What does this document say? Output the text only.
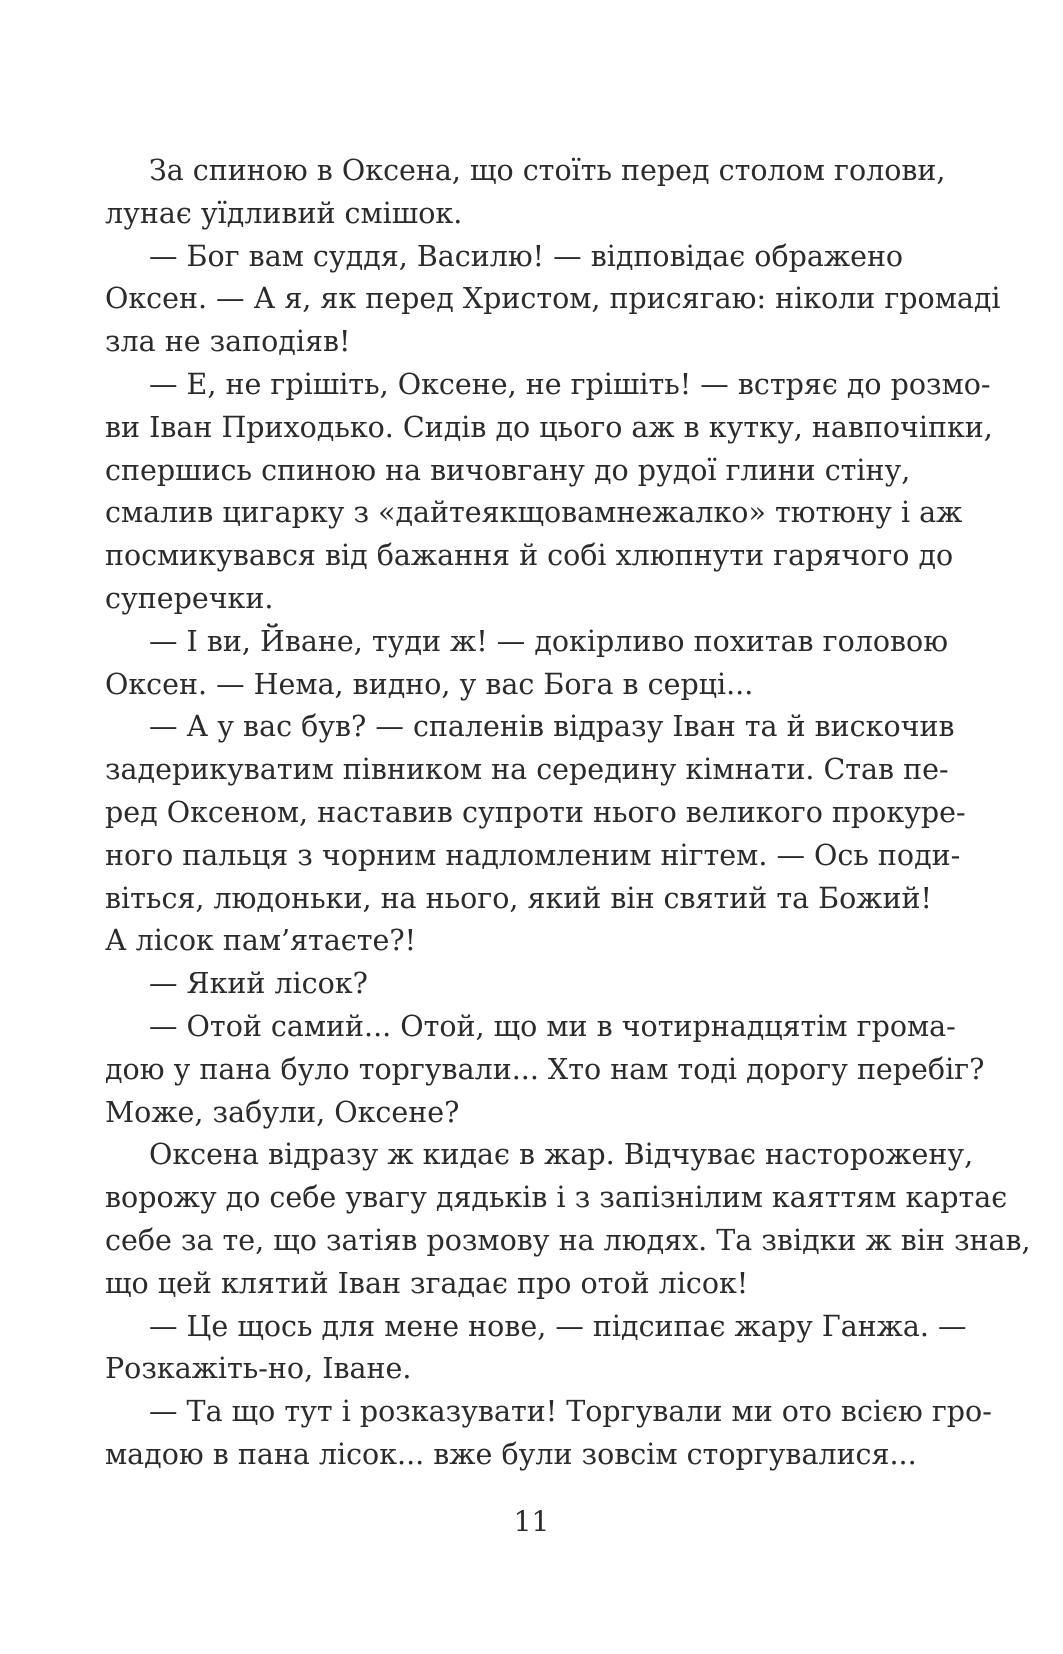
За спиною в Оксена, що стоїть перед столом голови,
лунає уїдливий смішок.
— Бог вам суддя, Василю! — відповідає ображено
Оксен. — А я, як перед Христом, присягаю: ніколи громаді
зла не заподіяв!
— Е, не грішіть, Оксене, не грішіть! — встряє до розмо-
ви Іван Приходько. Сидів до цього аж в кутку, навпочіпки,
спершись спиною на вичовгану до рудої глини стіну,
смалив цигарку з «дайтеякщовамнежалко» тютюну і аж
посмикувався від бажання й собі хлюпнути гарячого до
суперечки.
— І ви, Йване, туди ж! — докірливо похитав головою
Оксен. — Нема, видно, у вас Бога в серці...
— А у вас був? — спаленів відразу Іван та й вискочив
задерикуватим півником на середину кімнати. Став пе-
ред Оксеном, наставив супроти нього великого прокуре-
ного пальця з чорним надломленим нігтем. — Ось поди-
віться, людоньки, на нього, який він святий та Божий!
А лісок пам’ятаєте?!
— Який лісок?
— Отой самий... Отой, що ми в чотирнадцятім грома-
дою у пана було торгували... Хто нам тоді дорогу перебіг?
Може, забули, Оксене?
Оксена відразу ж кидає в жар. Відчуває насторожену,
ворожу до себе увагу дядьків і з запізнілим каяттям картає
себе за те, що затіяв розмову на людях. Та звідки ж він знав,
що цей клятий Іван згадає про отой лісок!
— Це щось для мене нове, — підсипає жару Ганжа. —
Розкажіть-но, Іване.
— Та що тут і розказувати! Торгували ми ото всією гро-
мадою в пана лісок... вже були зовсім сторгувалися...
11
